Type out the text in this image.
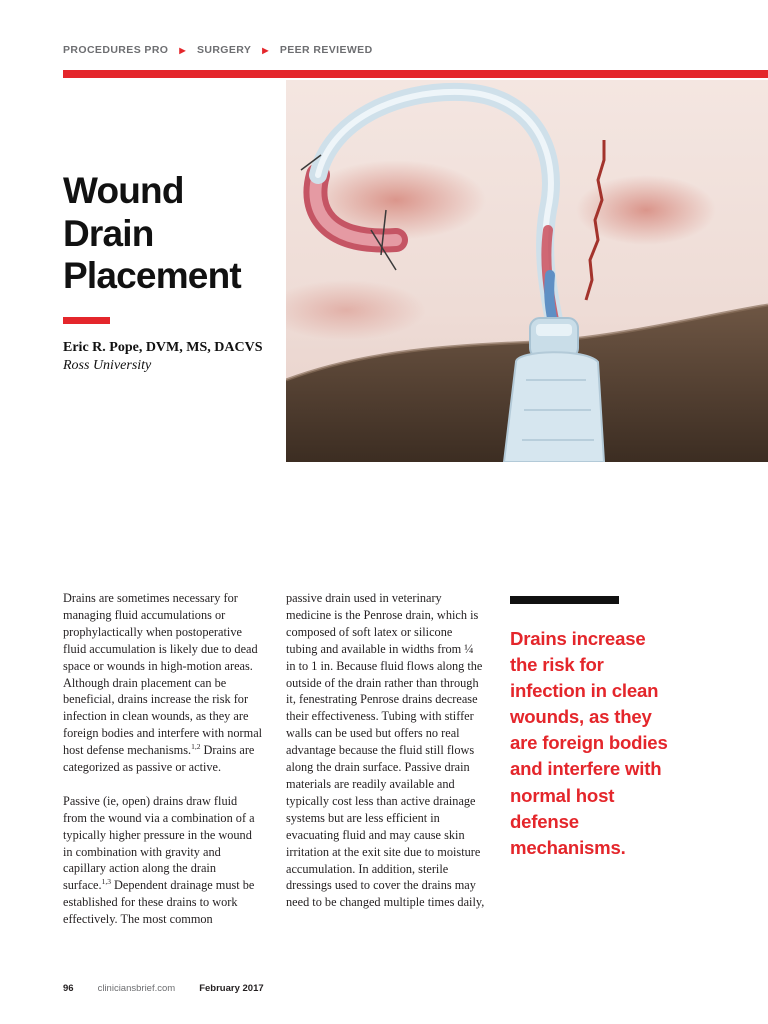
PROCEDURES PRO ▶ SURGERY ▶ PEER REVIEWED
Wound
Drain
Placement
Eric R. Pope, DVM, MS, DACVS
Ross University

Drains are sometimes necessary for managing fluid accumulations or prophylactically when postoperative fluid accumulation is likely due to dead space or wounds in high-motion areas. Although drain placement can be beneficial, drains increase the risk for infection in clean wounds, as they are foreign bodies and interfere with normal host defense mechanisms.$^{1,2}$ Drains are categorized as passive or active.

Passive (ie, open) drains draw fluid from the wound via a combination of a typically higher pressure in the wound in combination with gravity and capillary action along the drain surface.$^{1,3}$ Dependent drainage must be established for these drains to work effectively. The most common

passive drain used in veterinary medicine is the Penrose drain, which is composed of soft latex or silicone tubing and available in widths from ¼ in to 1 in. Because fluid flows along the outside of the drain rather than through it, fenestrating Penrose drains decrease their effectiveness. Tubing with stiffer walls can be used but offers no real advantage because the fluid still flows along the drain surface. Passive drain materials are readily available and typically cost less than active drainage systems but are less efficient in evacuating fluid and may cause skin irritation at the exit site due to moisture accumulation. In addition, sterile dressings used to cover the drains may need to be changed multiple times daily,

Drains increase the risk for infection in clean wounds, as they are foreign bodies and interfere with normal host defense mechanisms.

96	cliniciansbrief.com	February 2017
